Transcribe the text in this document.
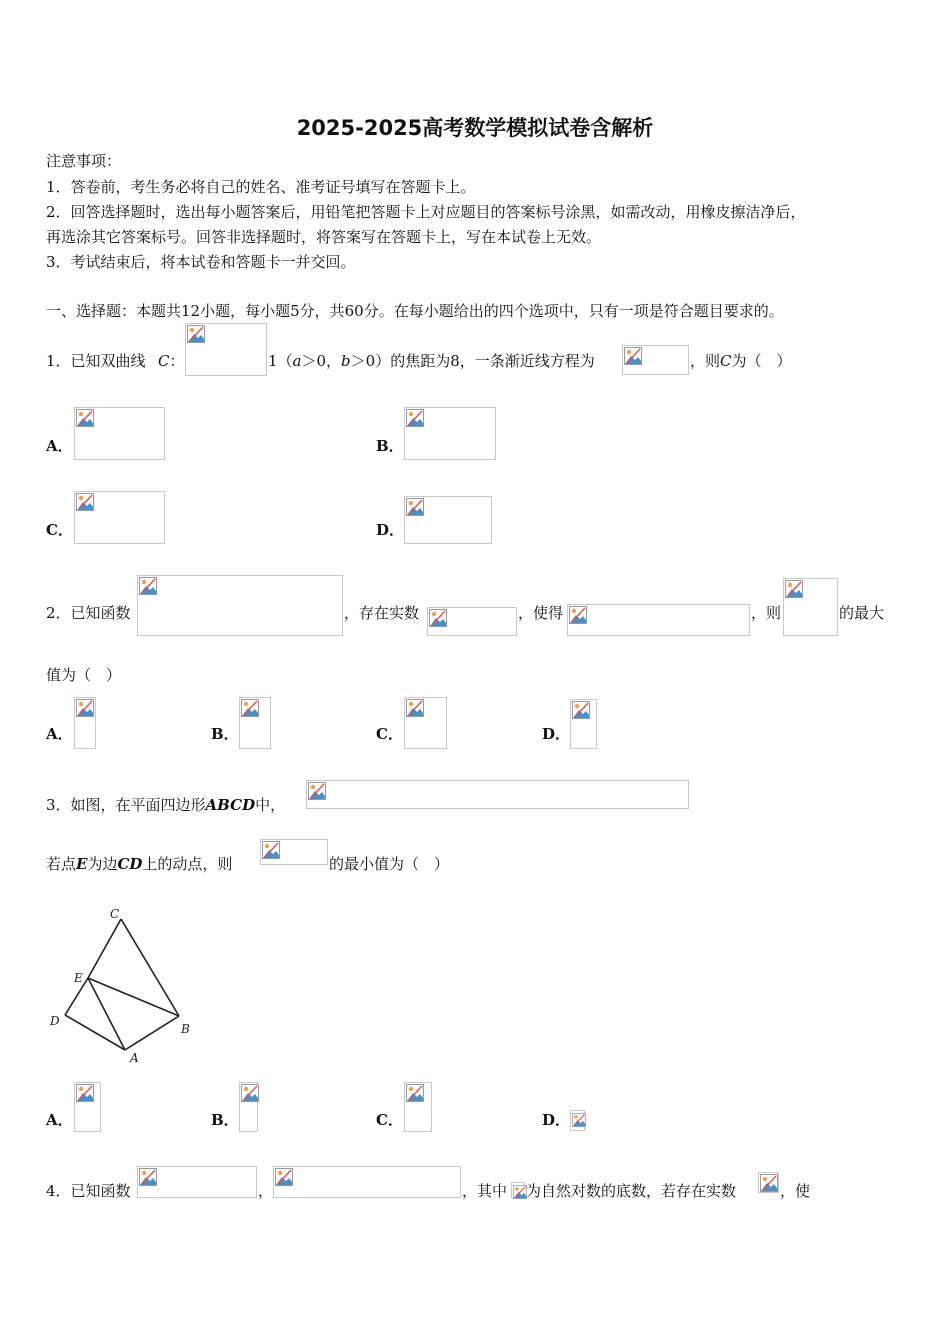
2025-2025高考数学模拟试卷含解析
注意事项：
1．答卷前，考生务必将自己的姓名、准考证号填写在答题卡上。
2．回答选择题时，选出每小题答案后，用铅笔把答题卡上对应题目的答案标号涂黑，如需改动，用橡皮擦洁净后，
再选涂其它答案标号。回答非选择题时，将答案写在答题卡上，写在本试卷上无效。
3．考试结束后，将本试卷和答题卡一并交回。
一、选择题：本题共12小题，每小题5分，共60分。在每小题给出的四个选项中，只有一项是符合题目要求的。
1．已知双曲线 C：	1（a＞0，b＞0）的焦距为8，一条渐近线方程为	，则C为（　）
A．	B．
C．	D．
2．已知函数	，存在实数	，使得	，则	的最大
值为（　）
A．	B．	C．	D．
3．如图，在平面四边形ABCD中，
若点E为边CD上的动点，则	的最小值为（　）
C
E
D
B
A
A．	B．	C．	D．
4．已知函数	，	，其中 为自然对数的底数，若存在实数	，使
